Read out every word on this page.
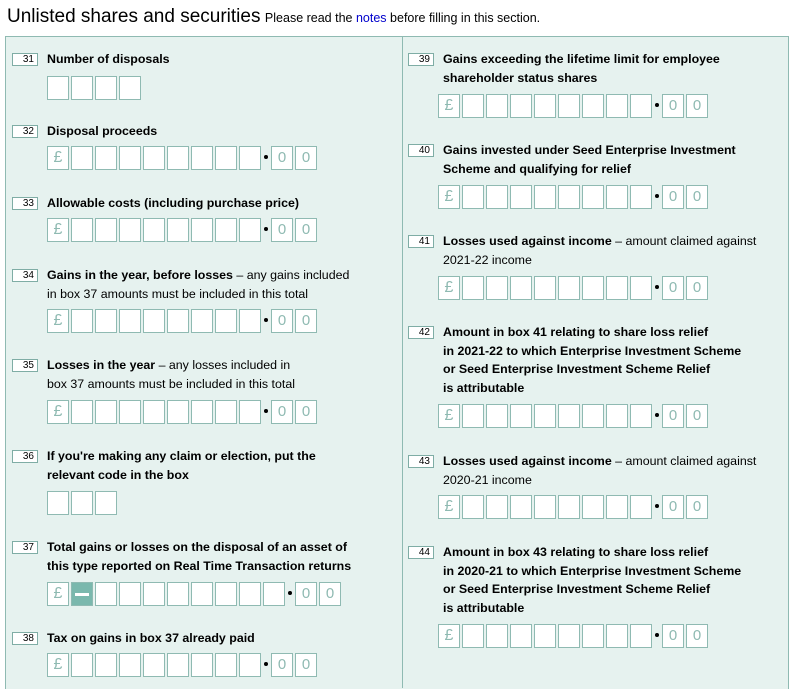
Unlisted shares and securities Please read the notes before filling in this section.
31	Number of disposals
32	Disposal proceeds
£	0	0
33	Allowable costs (including purchase price)
£	0	0
34	Gains in the year, before losses – any gains included
in box 37 amounts must be included in this total
£	0	0
35	Losses in the year – any losses included in
box 37 amounts must be included in this total
£	0	0
36	If you're making any claim or election, put the
relevant code in the box
37	Total gains or losses on the disposal of an asset of
this type reported on Real Time Transaction returns
£	0	0
38	Tax on gains in box 37 already paid
£	0	0
39	Gains exceeding the lifetime limit for employee
shareholder status shares
£	0	0
40	Gains invested under Seed Enterprise Investment
Scheme and qualifying for relief
£	0	0
41	Losses used against income – amount claimed against
2021-22 income
£	0	0
42	Amount in box 41 relating to share loss relief
in 2021-22 to which Enterprise Investment Scheme
or Seed Enterprise Investment Scheme Relief
is attributable
£	0	0
43	Losses used against income – amount claimed against
2020-21 income
£	0	0
44	Amount in box 43 relating to share loss relief
in 2020-21 to which Enterprise Investment Scheme
or Seed Enterprise Investment Scheme Relief
is attributable
£	0	0
